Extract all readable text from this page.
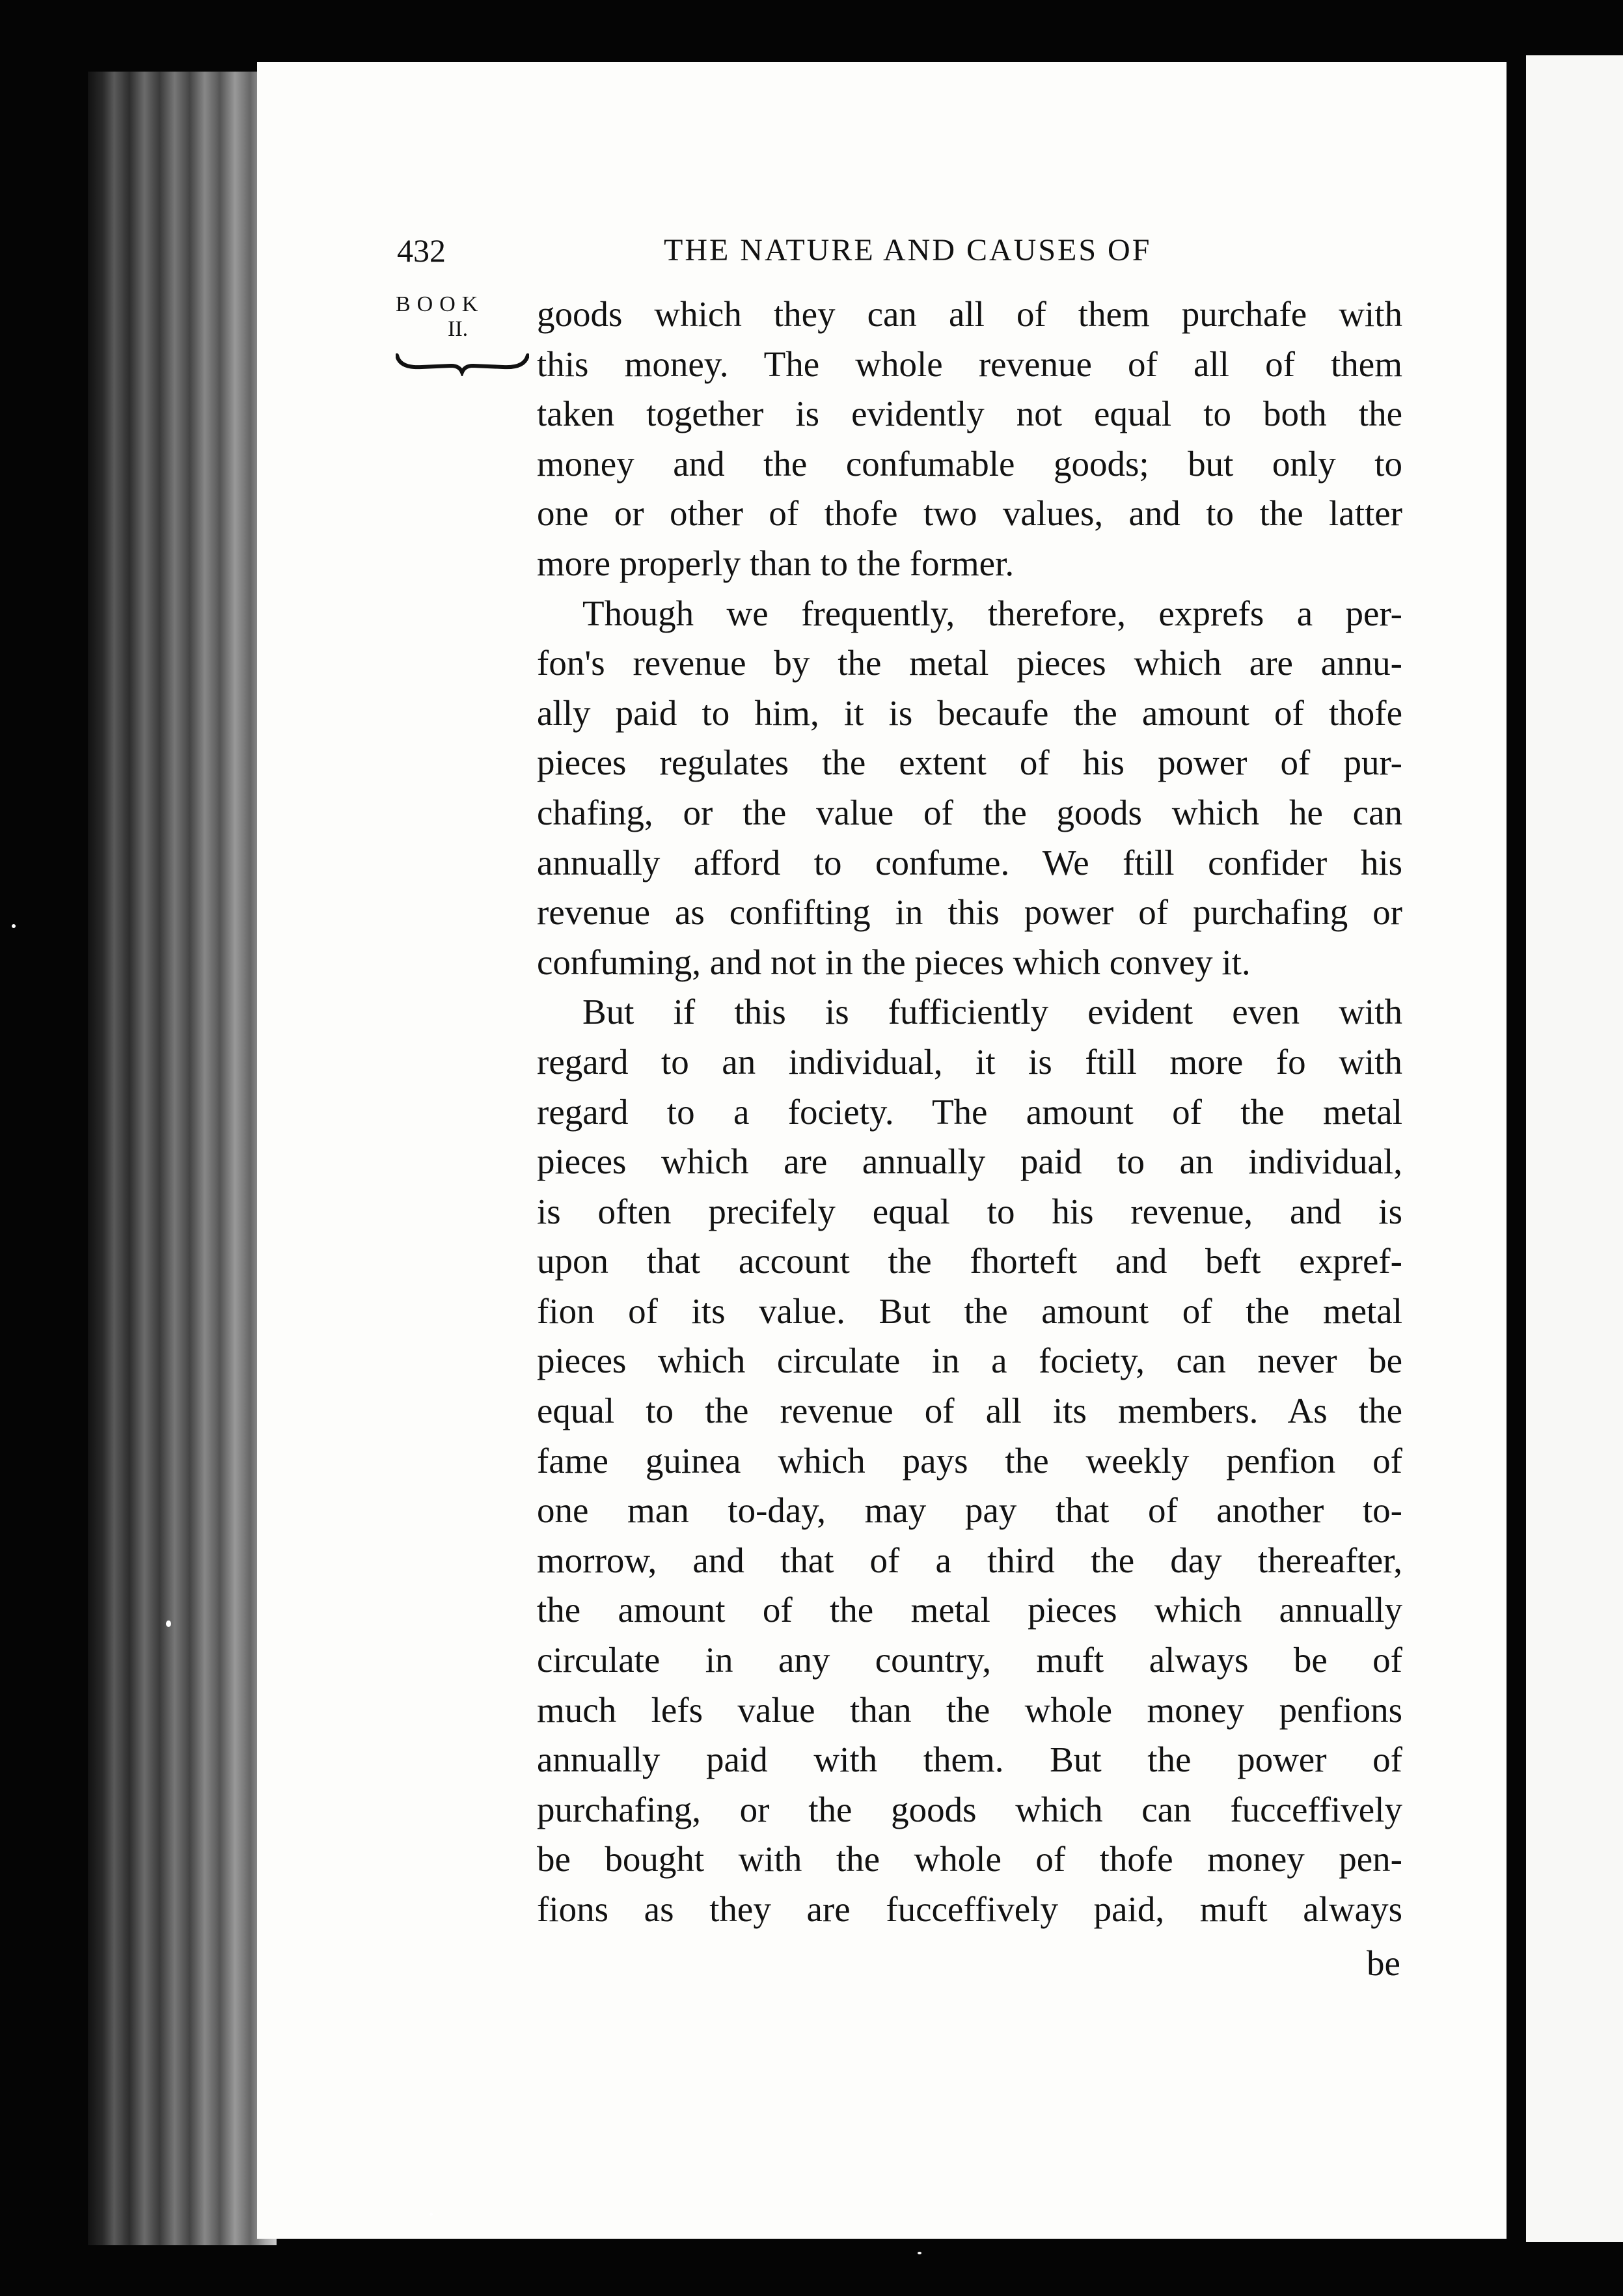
432	THE NATURE AND CAUSES OF
BOOK
II.	goods which they can all of them purchafe with
this money. The whole revenue of all of them
taken together is evidently not equal to both the
money and the confumable goods; but only to
one or other of thofe two values, and to the latter
more properly than to the former.
Though we frequently, therefore, exprefs a per-
fon's revenue by the metal pieces which are annu-
ally paid to him, it is becaufe the amount of thofe
pieces regulates the extent of his power of pur-
chafing, or the value of the goods which he can
annually afford to confume. We ftill confider his
revenue as confifting in this power of purchafing or
confuming, and not in the pieces which convey it.
But if this is fufficiently evident even with
regard to an individual, it is ftill more fo with
regard to a fociety. The amount of the metal
pieces which are annually paid to an individual,
is often precifely equal to his revenue, and is
upon that account the fhorteft and beft expref-
fion of its value. But the amount of the metal
pieces which circulate in a fociety, can never be
equal to the revenue of all its members. As the
fame guinea which pays the weekly penfion of
one man to-day, may pay that of another to-
morrow, and that of a third the day thereafter,
the amount of the metal pieces which annually
circulate in any country, muft always be of
much lefs value than the whole money penfions
annually paid with them. But the power of
purchafing, or the goods which can fucceffively
be bought with the whole of thofe money pen-
fions as they are fucceffively paid, muft always
be
